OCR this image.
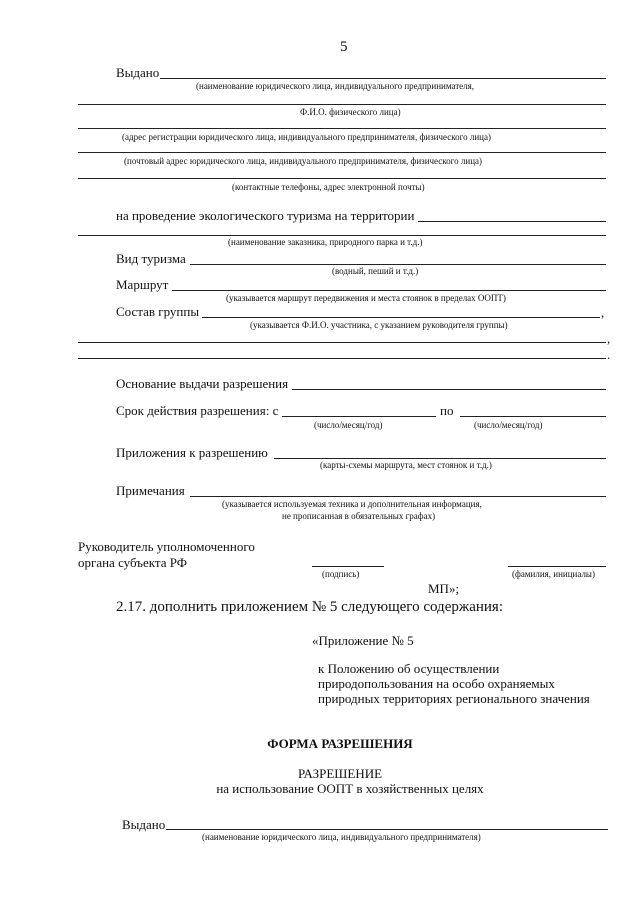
5
Выдано
(наименование юридического лица, индивидуального предпринимателя,
Ф.И.О. физического лица)
(адрес регистрации юридического лица, индивидуального предпринимателя, физического лица)
(почтовый адрес юридического лица, индивидуального предпринимателя, физического лица)
(контактные телефоны, адрес электронной почты)
на проведение экологического туризма на территории
(наименование заказника, природного парка и т.д.)
Вид туризма
(водный, пеший и т.д.)
Маршрут
(указывается маршрут передвижения и места стоянок в пределах ООПТ)
Состав группы	,
(указывается Ф.И.О. участника, с указанием руководителя группы)
,
.
Основание выдачи разрешения
Срок действия разрешения: с	по
(число/месяц/год)	(число/месяц/год)
Приложения к разрешению
(карты-схемы маршрута, мест стоянок и т.д.)
Примечания
(указывается используемая техника и дополнительная информация,
не прописанная в обязательных графах)
Руководитель уполномоченного
органа субъекта РФ
(подпись)	(фамилия, инициалы)
МП»;
2.17. дополнить приложением № 5 следующего содержания:
«Приложение № 5
к Положению об осуществлении
природопользования на особо охраняемых
природных территориях регионального значения
ФОРМА РАЗРЕШЕНИЯ
РАЗРЕШЕНИЕ
на использование ООПТ в хозяйственных целях
Выдано
(наименование юридического лица, индивидуального предпринимателя)
